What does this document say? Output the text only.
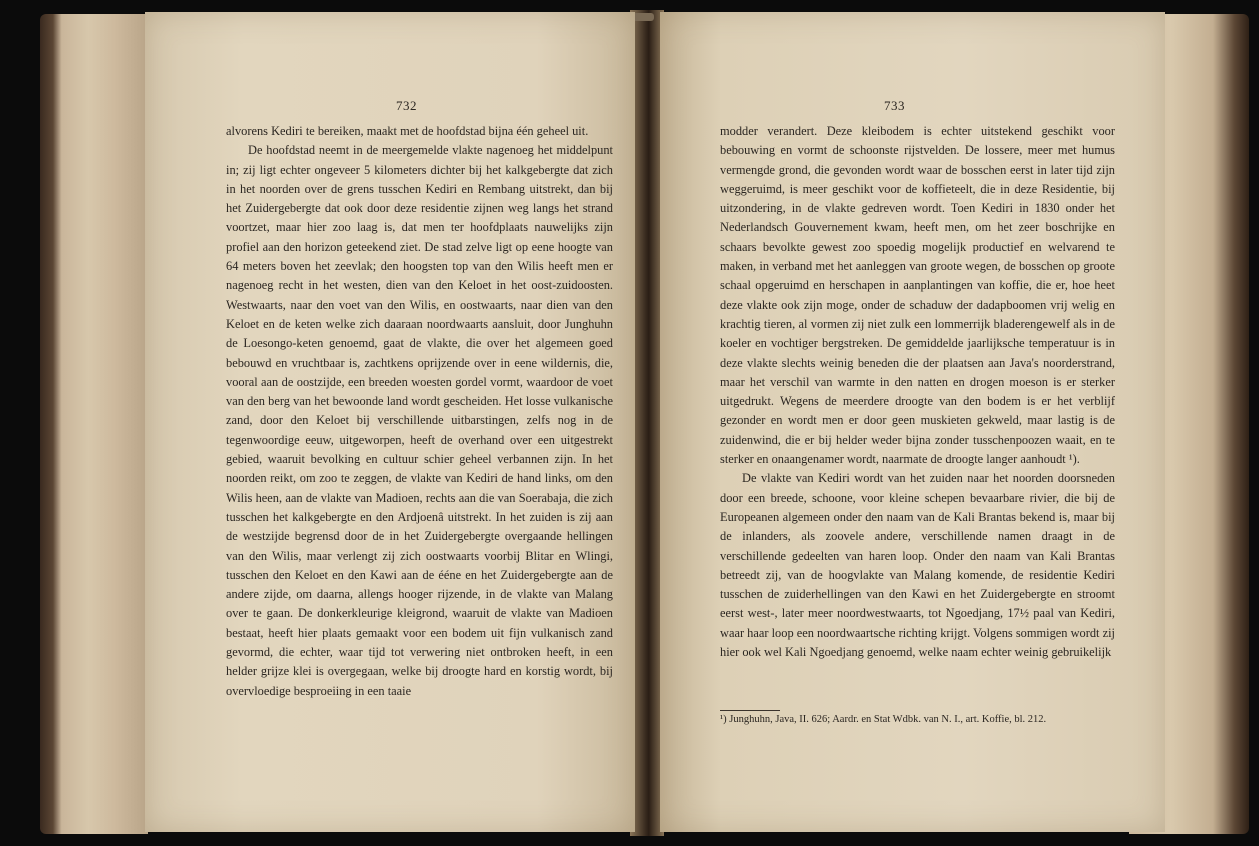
732	733

alvorens Kediri te bereiken, maakt met de hoofdstad bijna één geheel uit.

De hoofdstad neemt in de meergemelde vlakte nagenoeg het middelpunt in; zij ligt echter ongeveer 5 kilometers dichter bij het kalkgebergte dat zich in het noorden over de grens tusschen Kediri en Rembang uitstrekt, dan bij het Zuidergebergte dat ook door deze residentie zijnen weg langs het strand voortzet, maar hier zoo laag is, dat men ter hoofdplaats nauwelijks zijn profiel aan den horizon geteekend ziet. De stad zelve ligt op eene hoogte van 64 meters boven het zeevlak; den hoogsten top van den Wilis heeft men er nagenoeg recht in het westen, dien van den Keloet in het oost-zuidoosten. Westwaarts, naar den voet van den Wilis, en oostwaarts, naar dien van den Keloet en de keten welke zich daaraan noordwaarts aansluit, door Junghuhn de Loesongo-keten genoemd, gaat de vlakte, die over het algemeen goed bebouwd en vruchtbaar is, zachtkens oprijzende over in eene wildernis, die, vooral aan de oostzijde, een breeden woesten gordel vormt, waardoor de voet van den berg van het bewoonde land wordt gescheiden. Het losse vulkanische zand, door den Keloet bij verschillende uitbarstingen, zelfs nog in de tegenwoordige eeuw, uitgeworpen, heeft de overhand over een uitgestrekt gebied, waaruit bevolking en cultuur schier geheel verbannen zijn. In het noorden reikt, om zoo te zeggen, de vlakte van Kediri de hand links, om den Wilis heen, aan de vlakte van Madioen, rechts aan die van Soerabaja, die zich tusschen het kalkgebergte en den Ardjoenâ uitstrekt. In het zuiden is zij aan de westzijde begrensd door de in het Zuidergebergte overgaande hellingen van den Wilis, maar verlengt zij zich oostwaarts voorbij Blitar en Wlingi, tusschen den Keloet en den Kawi aan de ééne en het Zuidergebergte aan de andere zijde, om daarna, allengs hooger rijzende, in de vlakte van Malang over te gaan. De donkerkleurige kleigrond, waaruit de vlakte van Madioen bestaat, heeft hier plaats gemaakt voor een bodem uit fijn vulkanisch zand gevormd, die echter, waar tijd tot verwering niet ontbroken heeft, in een helder grijze klei is overgegaan, welke bij droogte hard en korstig wordt, bij overvloedige besproeiing in een taaie

modder verandert. Deze kleibodem is echter uitstekend geschikt voor bebouwing en vormt de schoonste rijstvelden. De lossere, meer met humus vermengde grond, die gevonden wordt waar de bosschen eerst in later tijd zijn weggeruimd, is meer geschikt voor de koffieteelt, die in deze Residentie, bij uitzondering, in de vlakte gedreven wordt. Toen Kediri in 1830 onder het Nederlandsch Gouvernement kwam, heeft men, om het zeer boschrijke en schaars bevolkte gewest zoo spoedig mogelijk productief en welvarend te maken, in verband met het aanleggen van groote wegen, de bosschen op groote schaal opgeruimd en herschapen in aanplantingen van koffie, die er, hoe heet deze vlakte ook zijn moge, onder de schaduw der dadapboomen vrij welig en krachtig tieren, al vormen zij niet zulk een lommerrijk bladerengewelf als in de koeler en vochtiger bergstreken. De gemiddelde jaarlijksche temperatuur is in deze vlakte slechts weinig beneden die der plaatsen aan Java's noorderstrand, maar het verschil van warmte in den natten en drogen moeson is er sterker uitgedrukt. Wegens de meerdere droogte van den bodem is er het verblijf gezonder en wordt men er door geen muskieten gekweld, maar lastig is de zuidenwind, die er bij helder weder bijna zonder tusschenpoozen waait, en te sterker en onaangenamer wordt, naarmate de droogte langer aanhoudt ¹).

De vlakte van Kediri wordt van het zuiden naar het noorden doorsneden door een breede, schoone, voor kleine schepen bevaarbare rivier, die bij de Europeanen algemeen onder den naam van de Kali Brantas bekend is, maar bij de inlanders, als zoovele andere, verschillende namen draagt in de verschillende gedeelten van haren loop. Onder den naam van Kali Brantas betreedt zij, van de hoogvlakte van Malang komende, de residentie Kediri tusschen de zuiderhellingen van den Kawi en het Zuidergebergte en stroomt eerst west-, later meer noordwestwaarts, tot Ngoedjang, 17½ paal van Kediri, waar haar loop een noordwaartsche richting krijgt. Volgens sommigen wordt zij hier ook wel Kali Ngoedjang genoemd, welke naam echter weinig gebruikelijk

¹) Junghuhn, Java, II. 626; Aardr. en Stat Wdbk. van N. I., art. Koffie, bl. 212.
